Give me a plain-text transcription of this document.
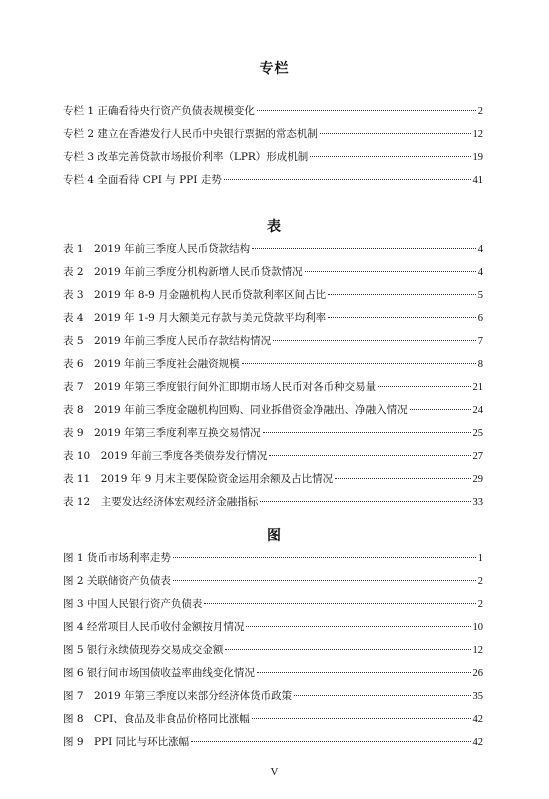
专栏
专栏 1 正确看待央行资产负债表规模变化	2
专栏 2 建立在香港发行人民币中央银行票据的常态机制	12
专栏 3 改革完善贷款市场报价利率（LPR）形成机制	19
专栏 4 全面看待 CPI 与 PPI 走势	41
表
表 1　2019 年前三季度人民币贷款结构	4
表 2　2019 年前三季度分机构新增人民币贷款情况	4
表 3　2019 年 8-9 月金融机构人民币贷款利率区间占比	5
表 4　2019 年 1-9 月大额美元存款与美元贷款平均利率	6
表 5　2019 年前三季度人民币存款结构情况	7
表 6　2019 年前三季度社会融资规模	8
表 7　2019 年第三季度银行间外汇即期市场人民币对各币种交易量	21
表 8　2019 年前三季度金融机构回购、同业拆借资金净融出、净融入情况	24
表 9　2019 年第三季度利率互换交易情况	25
表 10　2019 年前三季度各类债券发行情况	27
表 11　2019 年 9 月末主要保险资金运用余额及占比情况	29
表 12　主要发达经济体宏观经济金融指标	33
图
图 1 货币市场利率走势	1
图 2 关联储资产负债表	2
图 3 中国人民银行资产负债表	2
图 4 经常项目人民币收付金额按月情况	10
图 5 银行永续债现券交易成交金额	12
图 6 银行间市场国债收益率曲线变化情况	26
图 7　2019 年第三季度以来部分经济体货币政策	35
图 8　CPI、食品及非食品价格同比涨幅	42
图 9　PPI 同比与环比涨幅	42
V
